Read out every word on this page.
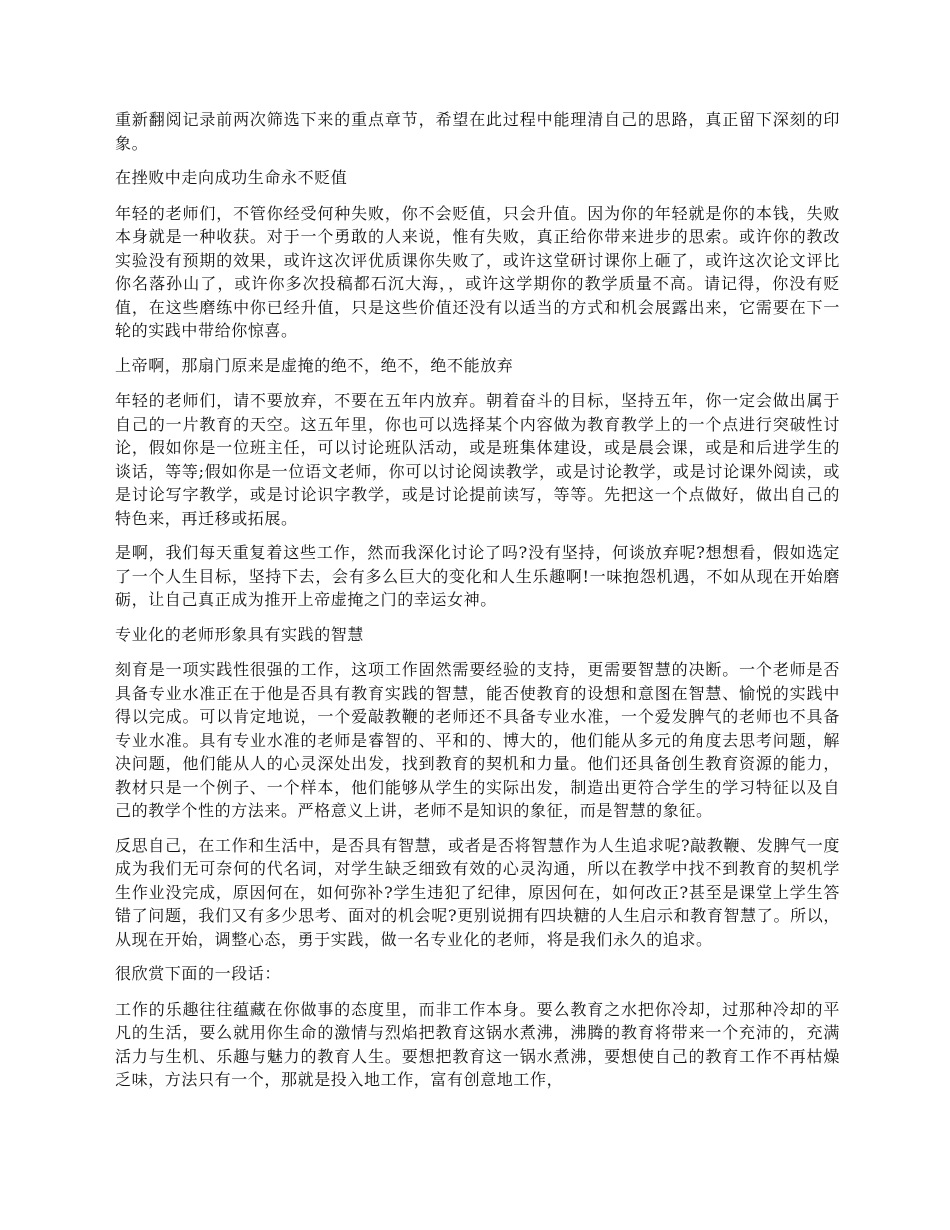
重新翻阅记录前两次筛选下来的重点章节，希望在此过程中能理清自己的思路，真正留下深刻的印象。

在挫败中走向成功生命永不贬值

年轻的老师们，不管你经受何种失败，你不会贬值，只会升值。因为你的年轻就是你的本钱，失败本身就是一种收获。对于一个勇敢的人来说，惟有失败，真正给你带来进步的思索。或许你的教改实验没有预期的效果，或许这次评优质课你失败了，或许这堂研讨课你上砸了，或许这次论文评比你名落孙山了，或许你多次投稿都石沉大海，，或许这学期你的教学质量不高。请记得，你没有贬值，在这些磨练中你已经升值，只是这些价值还没有以适当的方式和机会展露出来，它需要在下一轮的实践中带给你惊喜。

上帝啊，那扇门原来是虚掩的绝不，绝不，绝不能放弃

年轻的老师们，请不要放弃，不要在五年内放弃。朝着奋斗的目标，坚持五年，你一定会做出属于自己的一片教育的天空。这五年里，你也可以选择某个内容做为教育教学上的一个点进行突破性讨论，假如你是一位班主任，可以讨论班队活动，或是班集体建设，或是晨会课，或是和后进学生的谈话，等等;假如你是一位语文老师，你可以讨论阅读教学，或是讨论教学，或是讨论课外阅读，或是讨论写字教学，或是讨论识字教学，或是讨论提前读写，等等。先把这一个点做好，做出自己的特色来，再迁移或拓展。

是啊，我们每天重复着这些工作，然而我深化讨论了吗?没有坚持，何谈放弃呢?想想看，假如选定了一个人生目标，坚持下去，会有多么巨大的变化和人生乐趣啊!一味抱怨机遇，不如从现在开始磨砺，让自己真正成为推开上帝虚掩之门的幸运女神。

专业化的老师形象具有实践的智慧

刻育是一项实践性很强的工作，这项工作固然需要经验的支持，更需要智慧的决断。一个老师是否具备专业水准正在于他是否具有教育实践的智慧，能否使教育的设想和意图在智慧、愉悦的实践中得以完成。可以肯定地说，一个爱敲教鞭的老师还不具备专业水准，一个爱发脾气的老师也不具备专业水准。具有专业水准的老师是睿智的、平和的、博大的，他们能从多元的角度去思考问题，解决问题，他们能从人的心灵深处出发，找到教育的契机和力量。他们还具备创生教育资源的能力，教材只是一个例子、一个样本，他们能够从学生的实际出发，制造出更符合学生的学习特征以及自己的教学个性的方法来。严格意义上讲，老师不是知识的象征，而是智慧的象征。

反思自己，在工作和生活中，是否具有智慧，或者是否将智慧作为人生追求呢?敲教鞭、发脾气一度成为我们无可奈何的代名词，对学生缺乏细致有效的心灵沟通，所以在教学中找不到教育的契机学生作业没完成，原因何在，如何弥补?学生违犯了纪律，原因何在，如何改正?甚至是课堂上学生答错了问题，我们又有多少思考、面对的机会呢?更别说拥有四块糖的人生启示和教育智慧了。所以，从现在开始，调整心态，勇于实践，做一名专业化的老师，将是我们永久的追求。

很欣赏下面的一段话：

工作的乐趣往往蕴藏在你做事的态度里，而非工作本身。要么教育之水把你冷却，过那种冷却的平凡的生活，要么就用你生命的激情与烈焰把教育这锅水煮沸，沸腾的教育将带来一个充沛的，充满活力与生机、乐趣与魅力的教育人生。要想把教育这一锅水煮沸，要想使自己的教育工作不再枯燥乏味，方法只有一个，那就是投入地工作，富有创意地工作，
